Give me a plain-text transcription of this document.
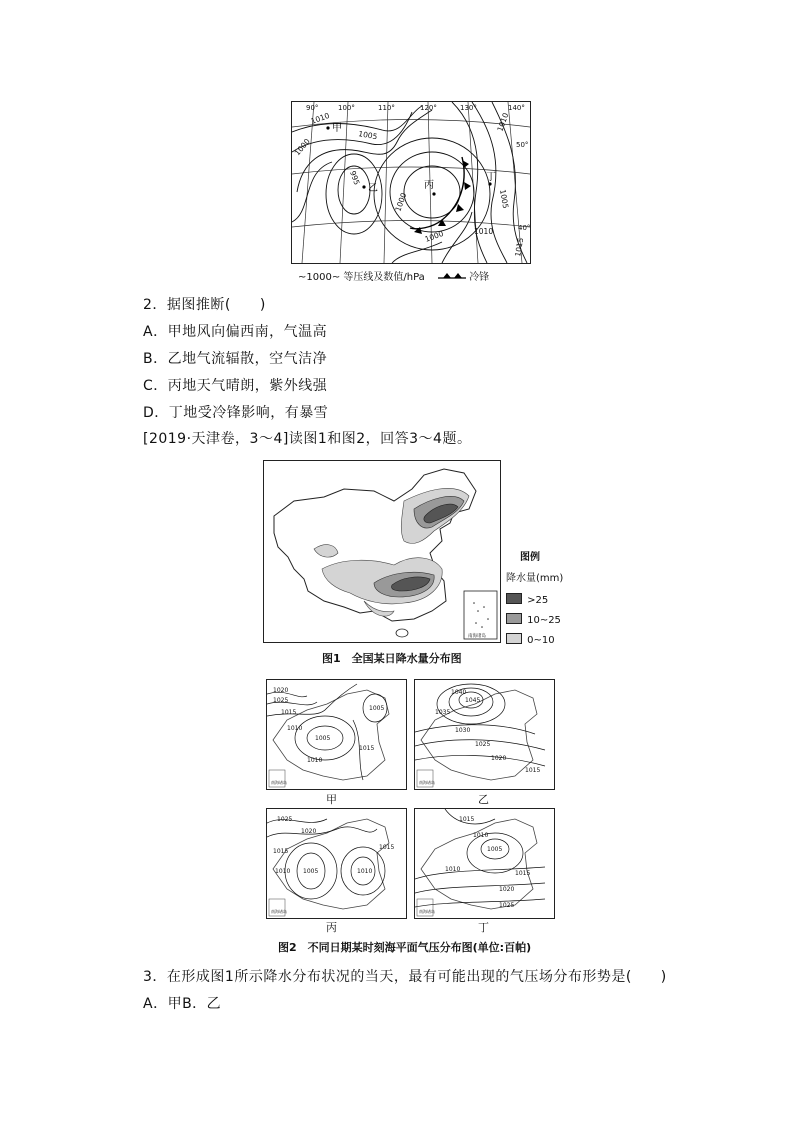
90°	100°	110°	120°	130°	140°
50°
40°
1010
1005
1000
995
1000
1010
1010
1005
1015
1000
甲
乙	丙
丁
~1000~ 等压线及数值/hPa	冷锋
2．据图推断(　　)
A．甲地风向偏西南，气温高
B．乙地气流辐散，空气洁净
C．丙地天气晴朗，紫外线强
D．丁地受冷锋影响，有暴雪
[2019·天津卷，3～4]读图1和图2，回答3～4题。
南海诸岛
图例
降水量(mm)
>25
10~25
0~10
图1　全国某日降水量分布图
1020
1025
1015
1010
1005
1005
1015
1010
南海诸岛
1045
1040
1035
1030
1025
1020
1015
南海诸岛
1025
1020
1015
1010 1005	1010
1015
南海诸岛
1015
1010
1005
1010
1015
1020
1025
南海诸岛
甲	乙
丙	丁
图2　不同日期某时刻海平面气压分布图(单位:百帕)
3．在形成图1所示降水分布状况的当天，最有可能出现的气压场分布形势是(　　)
A．甲B．乙
